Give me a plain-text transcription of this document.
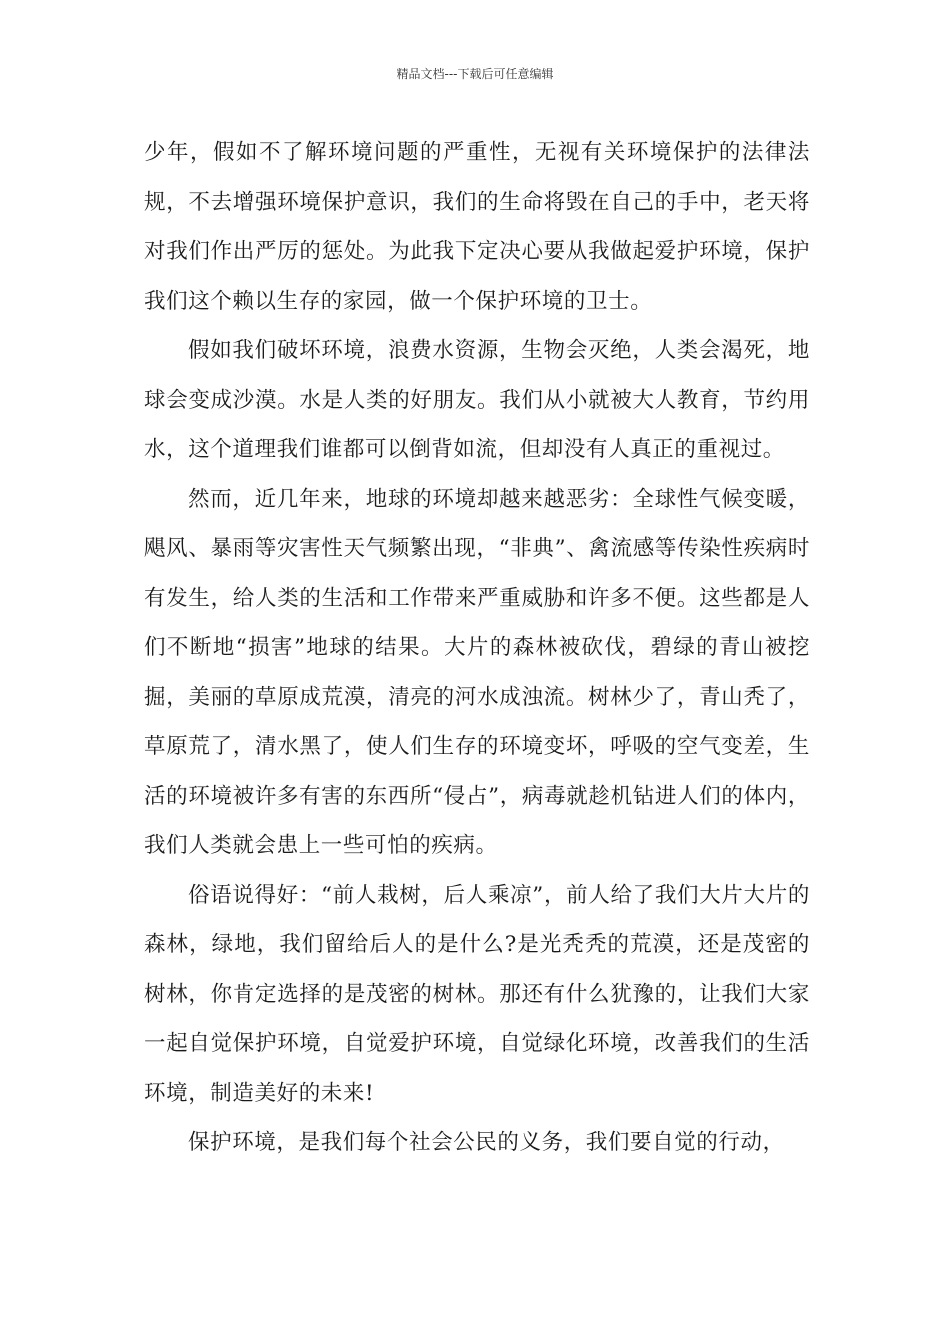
精品文档---下载后可任意编辑

少年，假如不了解环境问题的严重性，无视有关环境保护的法律法规，不去增强环境保护意识，我们的生命将毁在自己的手中，老天将对我们作出严厉的惩处。为此我下定决心要从我做起爱护环境，保护我们这个赖以生存的家园，做一个保护环境的卫士。

假如我们破坏环境，浪费水资源，生物会灭绝，人类会渴死，地球会变成沙漠。水是人类的好朋友。我们从小就被大人教育，节约用水，这个道理我们谁都可以倒背如流，但却没有人真正的重视过。

然而，近几年来，地球的环境却越来越恶劣：全球性气候变暖，飓风、暴雨等灾害性天气频繁出现，“非典”、禽流感等传染性疾病时有发生，给人类的生活和工作带来严重威胁和许多不便。这些都是人们不断地“损害”地球的结果。大片的森林被砍伐，碧绿的青山被挖掘，美丽的草原成荒漠，清亮的河水成浊流。树林少了，青山秃了，草原荒了，清水黑了，使人们生存的环境变坏，呼吸的空气变差，生活的环境被许多有害的东西所“侵占”，病毒就趁机钻进人们的体内，我们人类就会患上一些可怕的疾病。

俗语说得好：“前人栽树，后人乘凉”，前人给了我们大片大片的森林，绿地，我们留给后人的是什么?是光秃秃的荒漠，还是茂密的树林，你肯定选择的是茂密的树林。那还有什么犹豫的，让我们大家一起自觉保护环境，自觉爱护环境，自觉绿化环境，改善我们的生活环境，制造美好的未来!

保护环境，是我们每个社会公民的义务，我们要自觉的行动，
